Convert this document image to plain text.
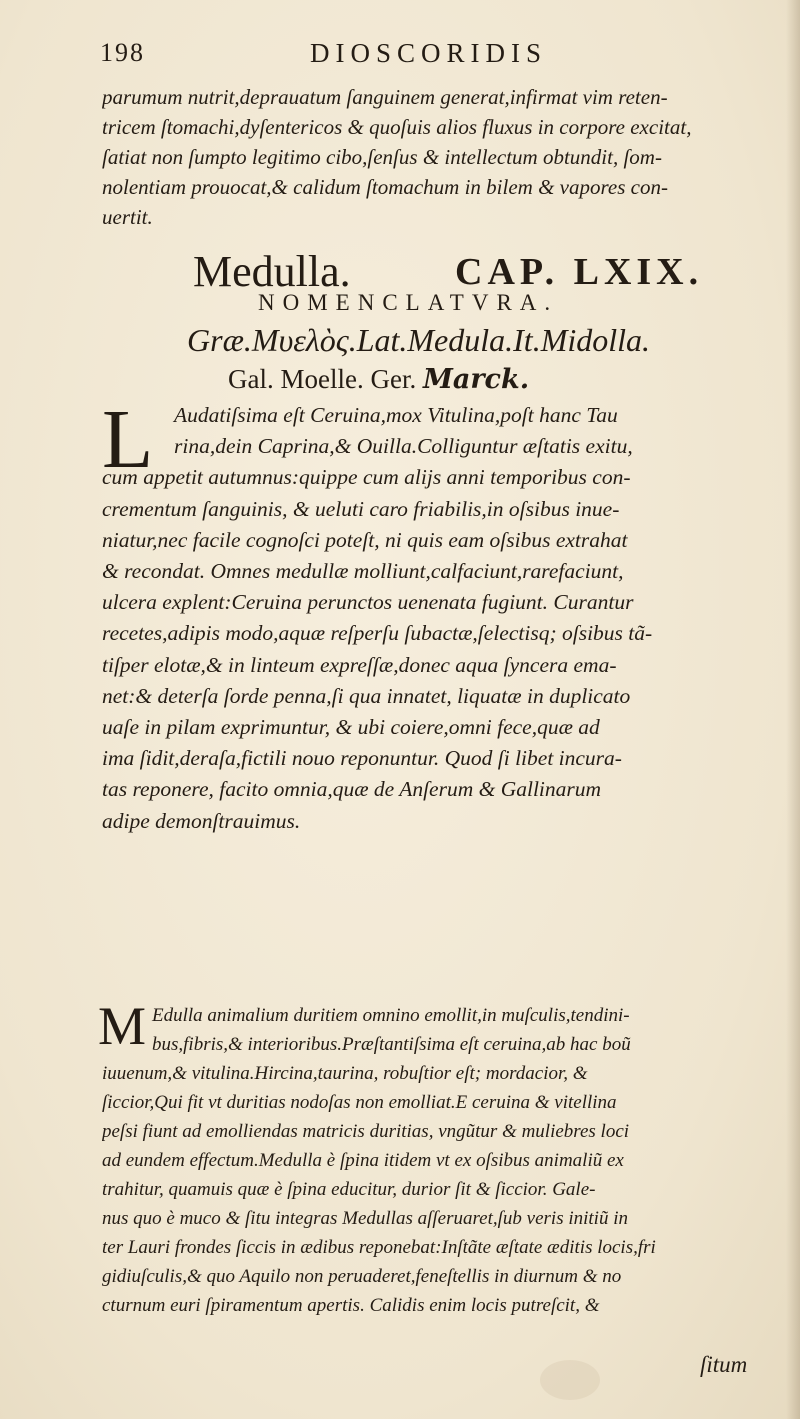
198	DIOSCORIDIS
parumum nutrit,deprauatum ſanguinem generat,infirmat vim reten-
tricem ſtomachi,dyſentericos & quoſuis alios fluxus in corpore excitat,
ſatiat non ſumpto legitimo cibo,ſenſus & intellectum obtundit, ſom-
nolentiam prouocat,& calidum ſtomachum in bilem & vapores con-
uertit.
Medulla.	CAP. LXIX.
NOMENCLATVRA.
Græ.Μυελὸς.Lat.Medula.It.Midolla.
Gal. Moelle. Ger. Marck.
L Audatiſsima eſt Ceruina,mox Vitulina,poſt hanc Tau
rina,dein Caprina,& Ouilla.Colliguntur æſtatis exitu,
cum appetit autumnus:quippe cum alijs anni temporibus con-
crementum ſanguinis, & ueluti caro friabilis,in oſsibus inue-
niatur,nec facile cognoſci poteſt, ni quis eam oſsibus extrahat
& recondat. Omnes medullæ molliunt,calfaciunt,rarefaciunt,
ulcera explent:Ceruina perunctos uenenata fugiunt. Curantur
recetes,adipis modo,aquæ reſperſu ſubactæ,ſelectisq; oſsibus tã-
tiſper elotæ,& in linteum expreſſæ,donec aqua ſyncera ema-
net:& deterſa ſorde penna,ſi qua innatet, liquatæ in duplicato
uaſe in pilam exprimuntur, & ubi coiere,omni fece,quæ ad
ima ſidit,deraſa,fictili nouo reponuntur. Quod ſi libet incura-
tas reponere, facito omnia,quæ de Anſerum & Gallinarum
adipe demonſtrauimus.
M Edulla animalium duritiem omnino emollit,in muſculis,tendini-
bus,fibris,& interioribus.Præſtantiſsima eſt ceruina,ab hac boũ
iuuenum,& vitulina.Hircina,taurina, robuſtior eſt; mordacior, &
ſiccior,Qui fit vt duritias nodoſas non emolliat.E ceruina & vitellina
peſsi fiunt ad emolliendas matricis duritias, vngũtur & muliebres loci
ad eundem effectum.Medulla è ſpina itidem vt ex oſsibus animaliũ ex
trahitur, quamuis quæ è ſpina educitur, durior ſit & ſiccior. Gale-
nus quo è muco & ſitu integras Medullas aſſeruaret,ſub veris initiũ in
ter Lauri frondes ſiccis in ædibus reponebat:Inſtãte æſtate æditis locis,fri
gidiuſculis,& quo Aquilo non peruaderet,feneſtellis in diurnum & no
cturnum euri ſpiramentum apertis. Calidis enim locis putreſcit, &
ſitum
